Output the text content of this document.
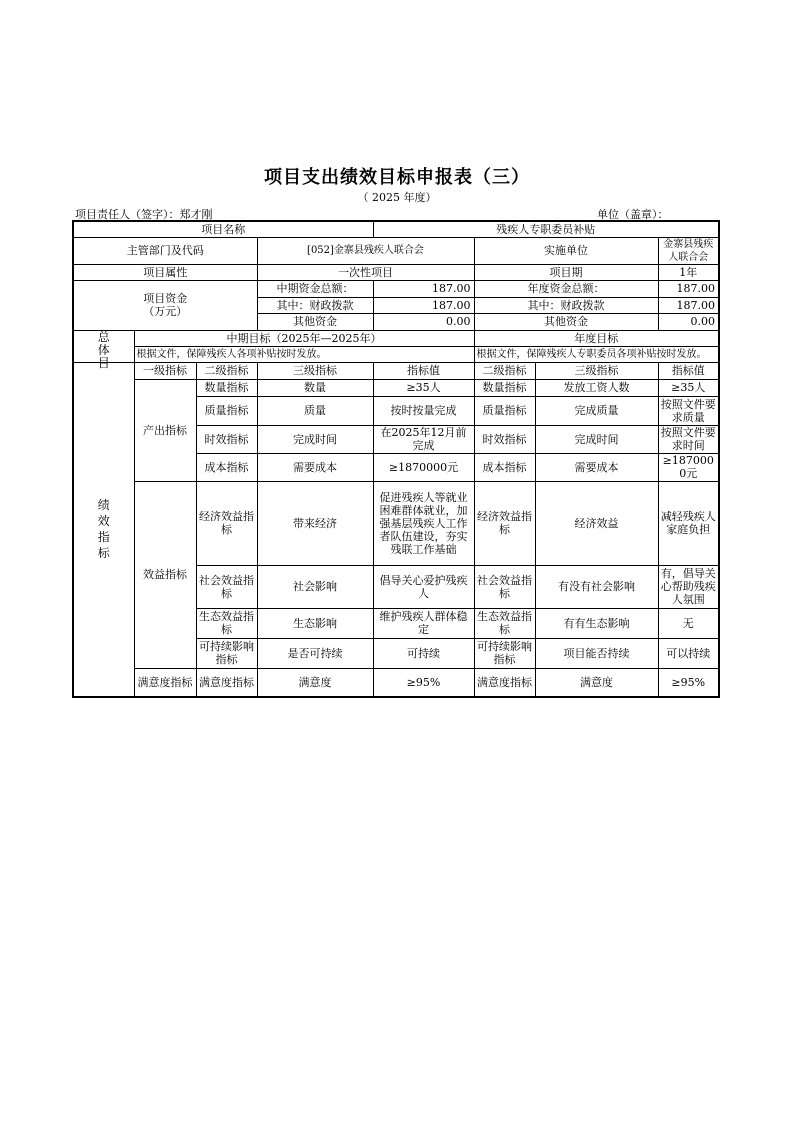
项目支出绩效目标申报表（三）
（ 2025 年度）
项目责任人（签字）：郑才刚	单位（盖章）：
项目名称				残疾人专职委员补贴			
主管部门及代码			[052]金寨县残疾人联合会		实施单位		金寨县残疾人联合会
项目属性			一次性项目		项目期		1年

项目资金
（万元）			中期资金总额：	187.00	年度资金总额：		187.00
			其中：财政拨款	187.00	其中：财政拨款		187.00
			其他资金	0.00	其他资金		0.00

总体目	中期目标（2025年—2025年）				年度目标		
	根据文件，保障残疾人各项补贴按时发放。				根据文件，保障残疾人专职委员各项补贴按时发放。		

绩效指标	一级指标	二级指标	三级指标	指标值	二级指标	三级指标	指标值
	产出指标	数量指标	数量	≥35人	数量指标	发放工资人数	≥35人
		质量指标	质量	按时按量完成	质量指标	完成质量	按照文件要求质量
		时效指标	完成时间	在2025年12月前完成	时效指标	完成时间	按照文件要求时间
		成本指标	需要成本	≥1870000元	成本指标	需要成本	≥1870000元
	效益指标	经济效益指标	带来经济	促进残疾人等就业困难群体就业，加强基层残疾人工作者队伍建设，夯实残联工作基础	经济效益指标	经济效益	减轻残疾人家庭负担
		社会效益指标	社会影响	倡导关心爱护残疾人	社会效益指标	有没有社会影响	有，倡导关心帮助残疾人氛围
		生态效益指标	生态影响	维护残疾人群体稳定	生态效益指标	有有生态影响	无
		可持续影响指标	是否可持续	可持续	可持续影响指标	项目能否持续	可以持续
	满意度指标	满意度指标	满意度	≥95%	满意度指标	满意度	≥95%
